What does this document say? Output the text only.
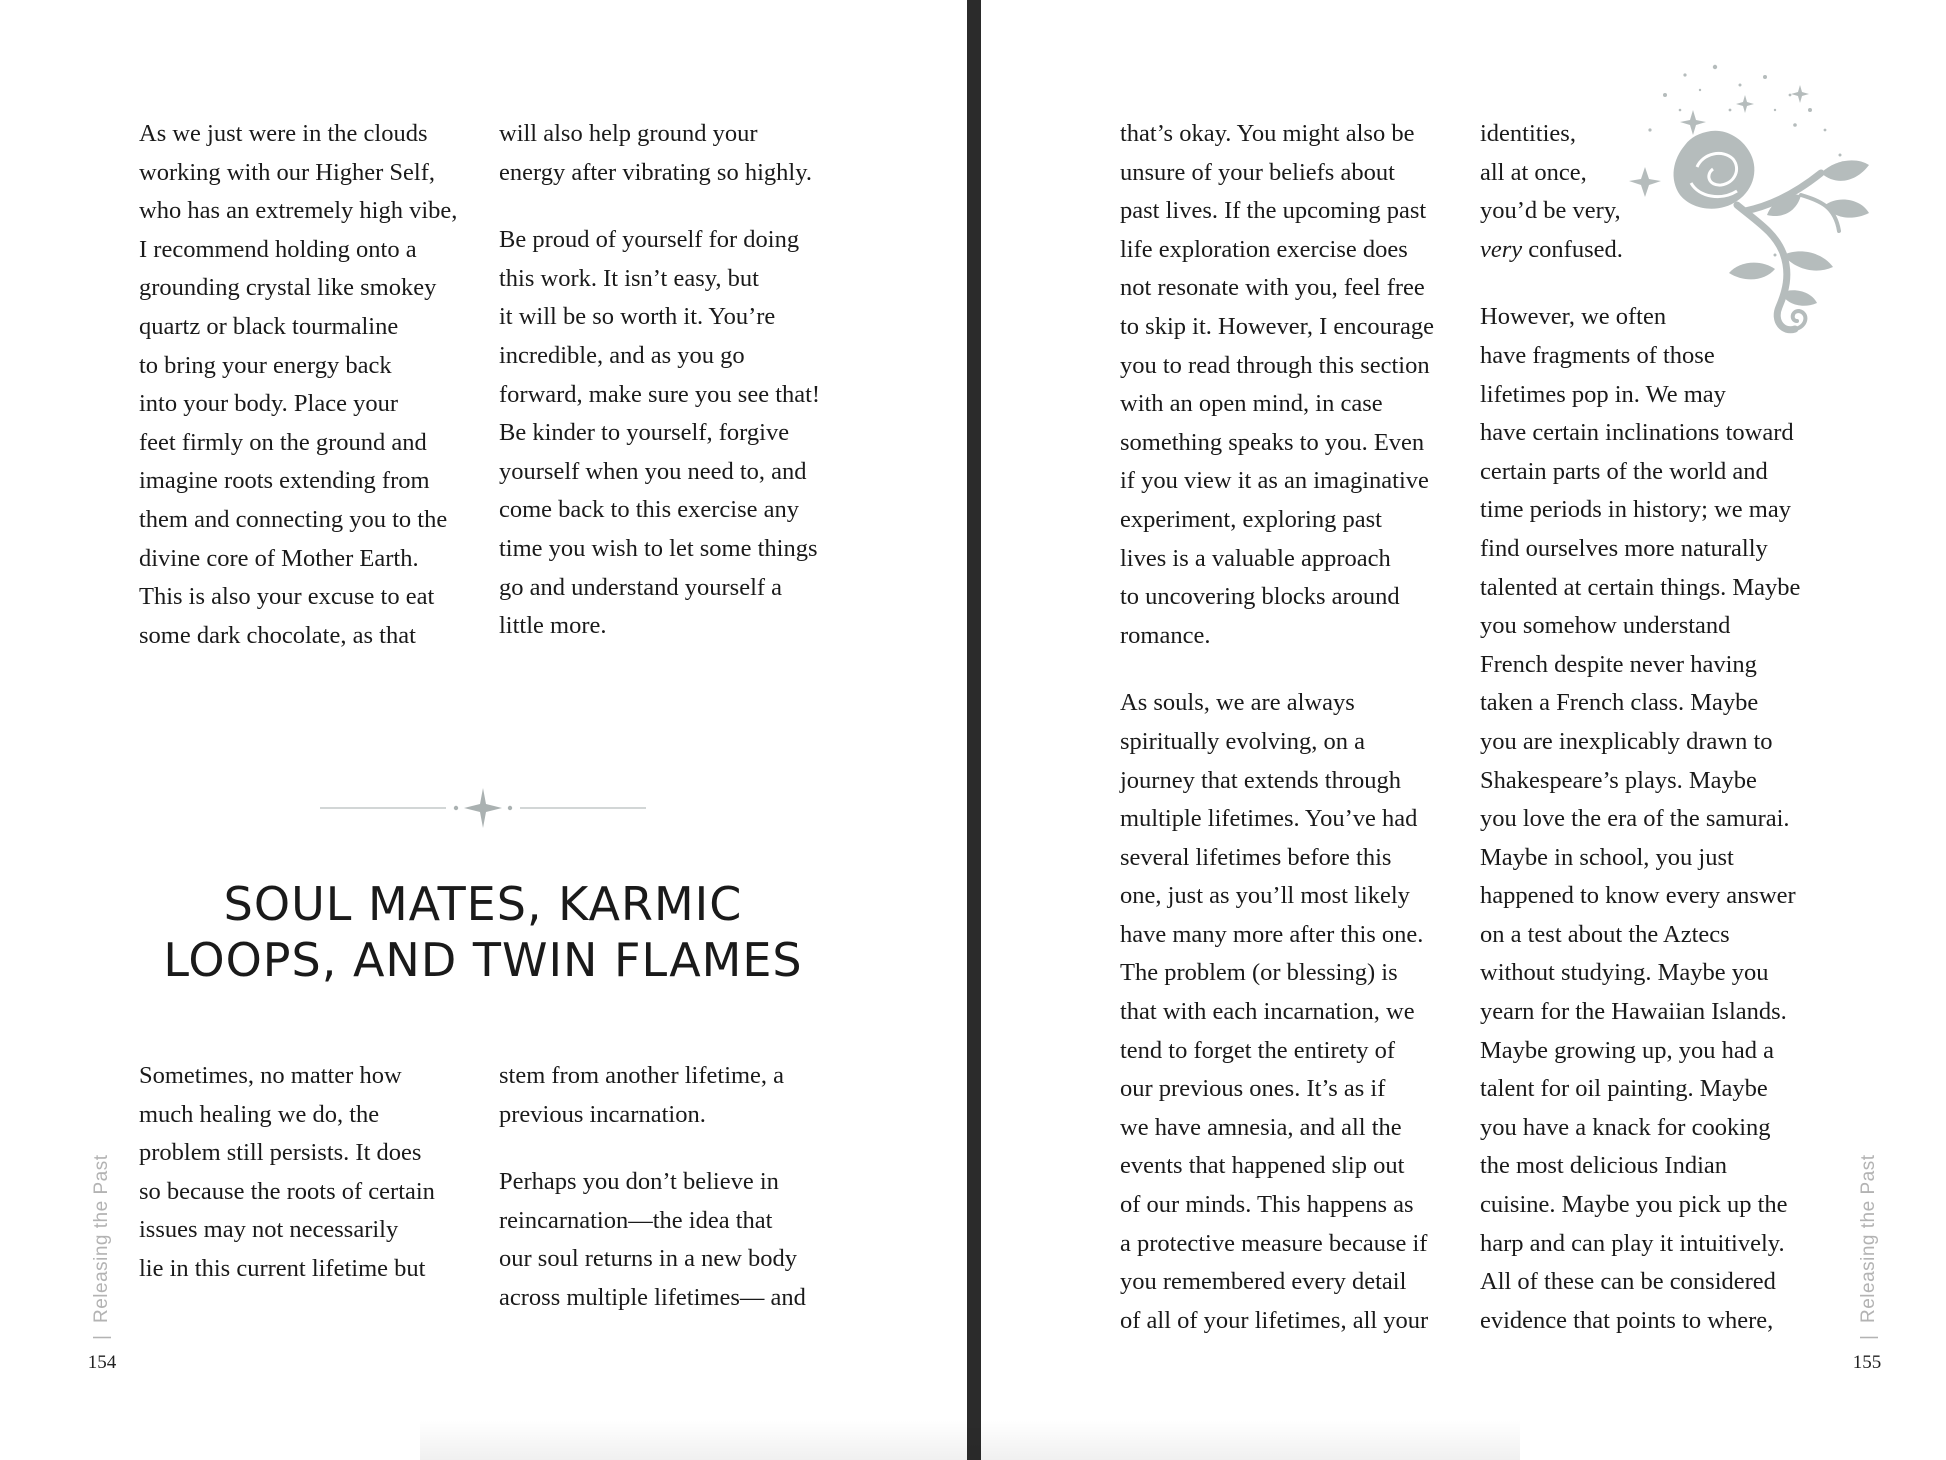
As we just were in the clouds
working with our Higher Self,
who has an extremely high vibe,
I recommend holding onto a
grounding crystal like smokey
quartz or black tourmaline
to bring your energy back
into your body. Place your
feet firmly on the ground and
imagine roots extending from
them and connecting you to the
divine core of Mother Earth.
This is also your excuse to eat
some dark chocolate, as that

will also help ground your
energy after vibrating so highly.

Be proud of yourself for doing
this work. It isn’t easy, but
it will be so worth it. You’re
incredible, and as you go
forward, make sure you see that!
Be kinder to yourself, forgive
yourself when you need to, and
come back to this exercise any
time you wish to let some things
go and understand yourself a
little more.

SOUL MATES, KARMIC
LOOPS, AND TWIN FLAMES

Sometimes, no matter how
much healing we do, the
problem still persists. It does
so because the roots of certain
issues may not necessarily
lie in this current lifetime but

stem from another lifetime, a
previous incarnation.

Perhaps you don’t believe in
reincarnation—the idea that
our soul returns in a new body
across multiple lifetimes— and

|  Releasing the Past
154

that’s okay. You might also be
unsure of your beliefs about
past lives. If the upcoming past
life exploration exercise does
not resonate with you, feel free
to skip it. However, I encourage
you to read through this section
with an open mind, in case
something speaks to you. Even
if you view it as an imaginative
experiment, exploring past
lives is a valuable approach
to uncovering blocks around
romance.

As souls, we are always
spiritually evolving, on a
journey that extends through
multiple lifetimes. You’ve had
several lifetimes before this
one, just as you’ll most likely
have many more after this one.
The problem (or blessing) is
that with each incarnation, we
tend to forget the entirety of
our previous ones. It’s as if
we have amnesia, and all the
events that happened slip out
of our minds. This happens as
a protective measure because if
you remembered every detail
of all of your lifetimes, all your

identities,
all at once,
you’d be very,
very confused.

However, we often
have fragments of those
lifetimes pop in. We may
have certain inclinations toward
certain parts of the world and
time periods in history; we may
find ourselves more naturally
talented at certain things. Maybe
you somehow understand
French despite never having
taken a French class. Maybe
you are inexplicably drawn to
Shakespeare’s plays. Maybe
you love the era of the samurai.
Maybe in school, you just
happened to know every answer
on a test about the Aztecs
without studying. Maybe you
yearn for the Hawaiian Islands.
Maybe growing up, you had a
talent for oil painting. Maybe
you have a knack for cooking
the most delicious Indian
cuisine. Maybe you pick up the
harp and can play it intuitively.
All of these can be considered
evidence that points to where,	|  Releasing the Past
155
